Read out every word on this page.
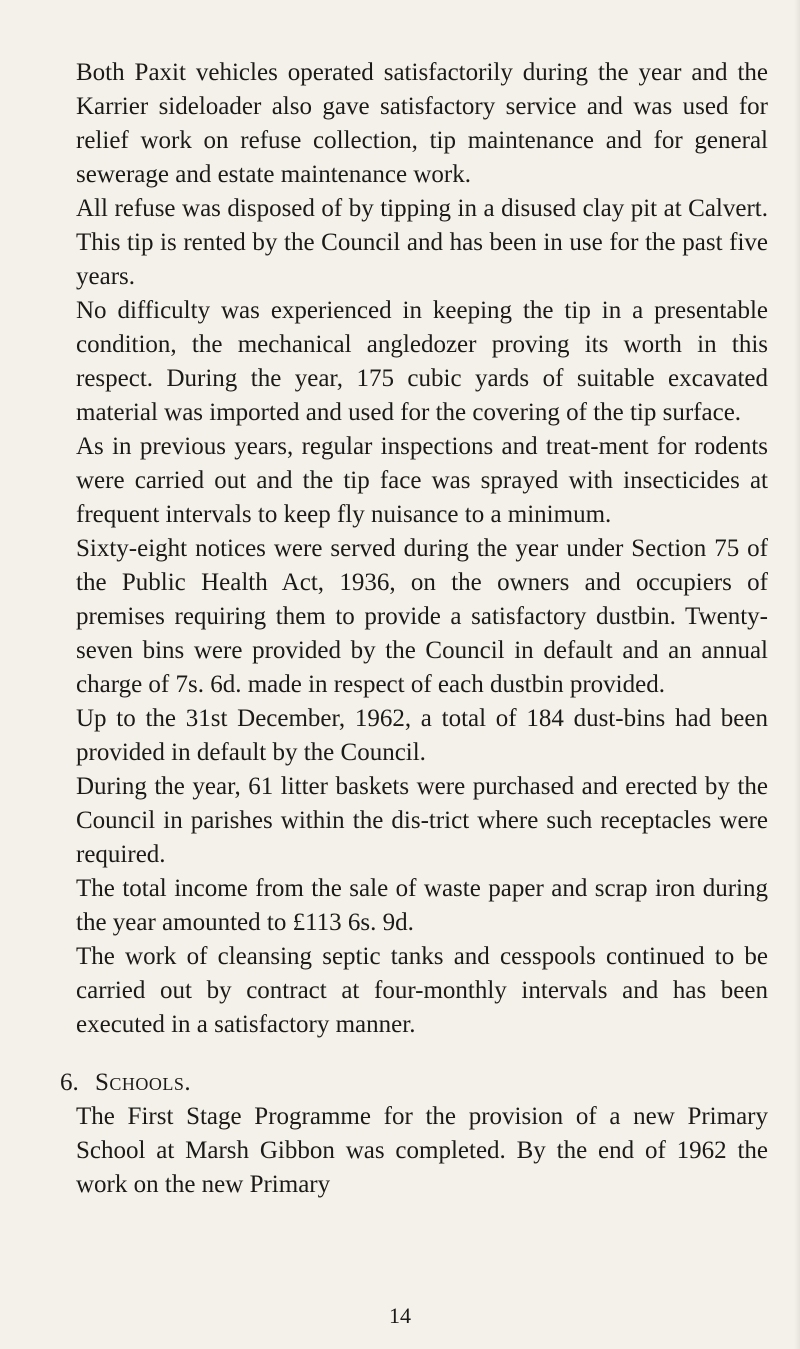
Both Paxit vehicles operated satisfactorily during the year and the Karrier sideloader also gave satisfactory service and was used for relief work on refuse collection, tip maintenance and for general sewerage and estate maintenance work.

All refuse was disposed of by tipping in a disused clay pit at Calvert. This tip is rented by the Council and has been in use for the past five years.

No difficulty was experienced in keeping the tip in a presentable condition, the mechanical angledozer proving its worth in this respect. During the year, 175 cubic yards of suitable excavated material was imported and used for the covering of the tip surface.

As in previous years, regular inspections and treat-ment for rodents were carried out and the tip face was sprayed with insecticides at frequent intervals to keep fly nuisance to a minimum.

Sixty-eight notices were served during the year under Section 75 of the Public Health Act, 1936, on the owners and occupiers of premises requiring them to provide a satisfactory dustbin. Twenty-seven bins were provided by the Council in default and an annual charge of 7s. 6d. made in respect of each dustbin provided.

Up to the 31st December, 1962, a total of 184 dust-bins had been provided in default by the Council.

During the year, 61 litter baskets were purchased and erected by the Council in parishes within the dis-trict where such receptacles were required.

The total income from the sale of waste paper and scrap iron during the year amounted to £113 6s. 9d.

The work of cleansing septic tanks and cesspools continued to be carried out by contract at four-monthly intervals and has been executed in a satisfactory manner.

6. Schools.

The First Stage Programme for the provision of a new Primary School at Marsh Gibbon was completed. By the end of 1962 the work on the new Primary

14
